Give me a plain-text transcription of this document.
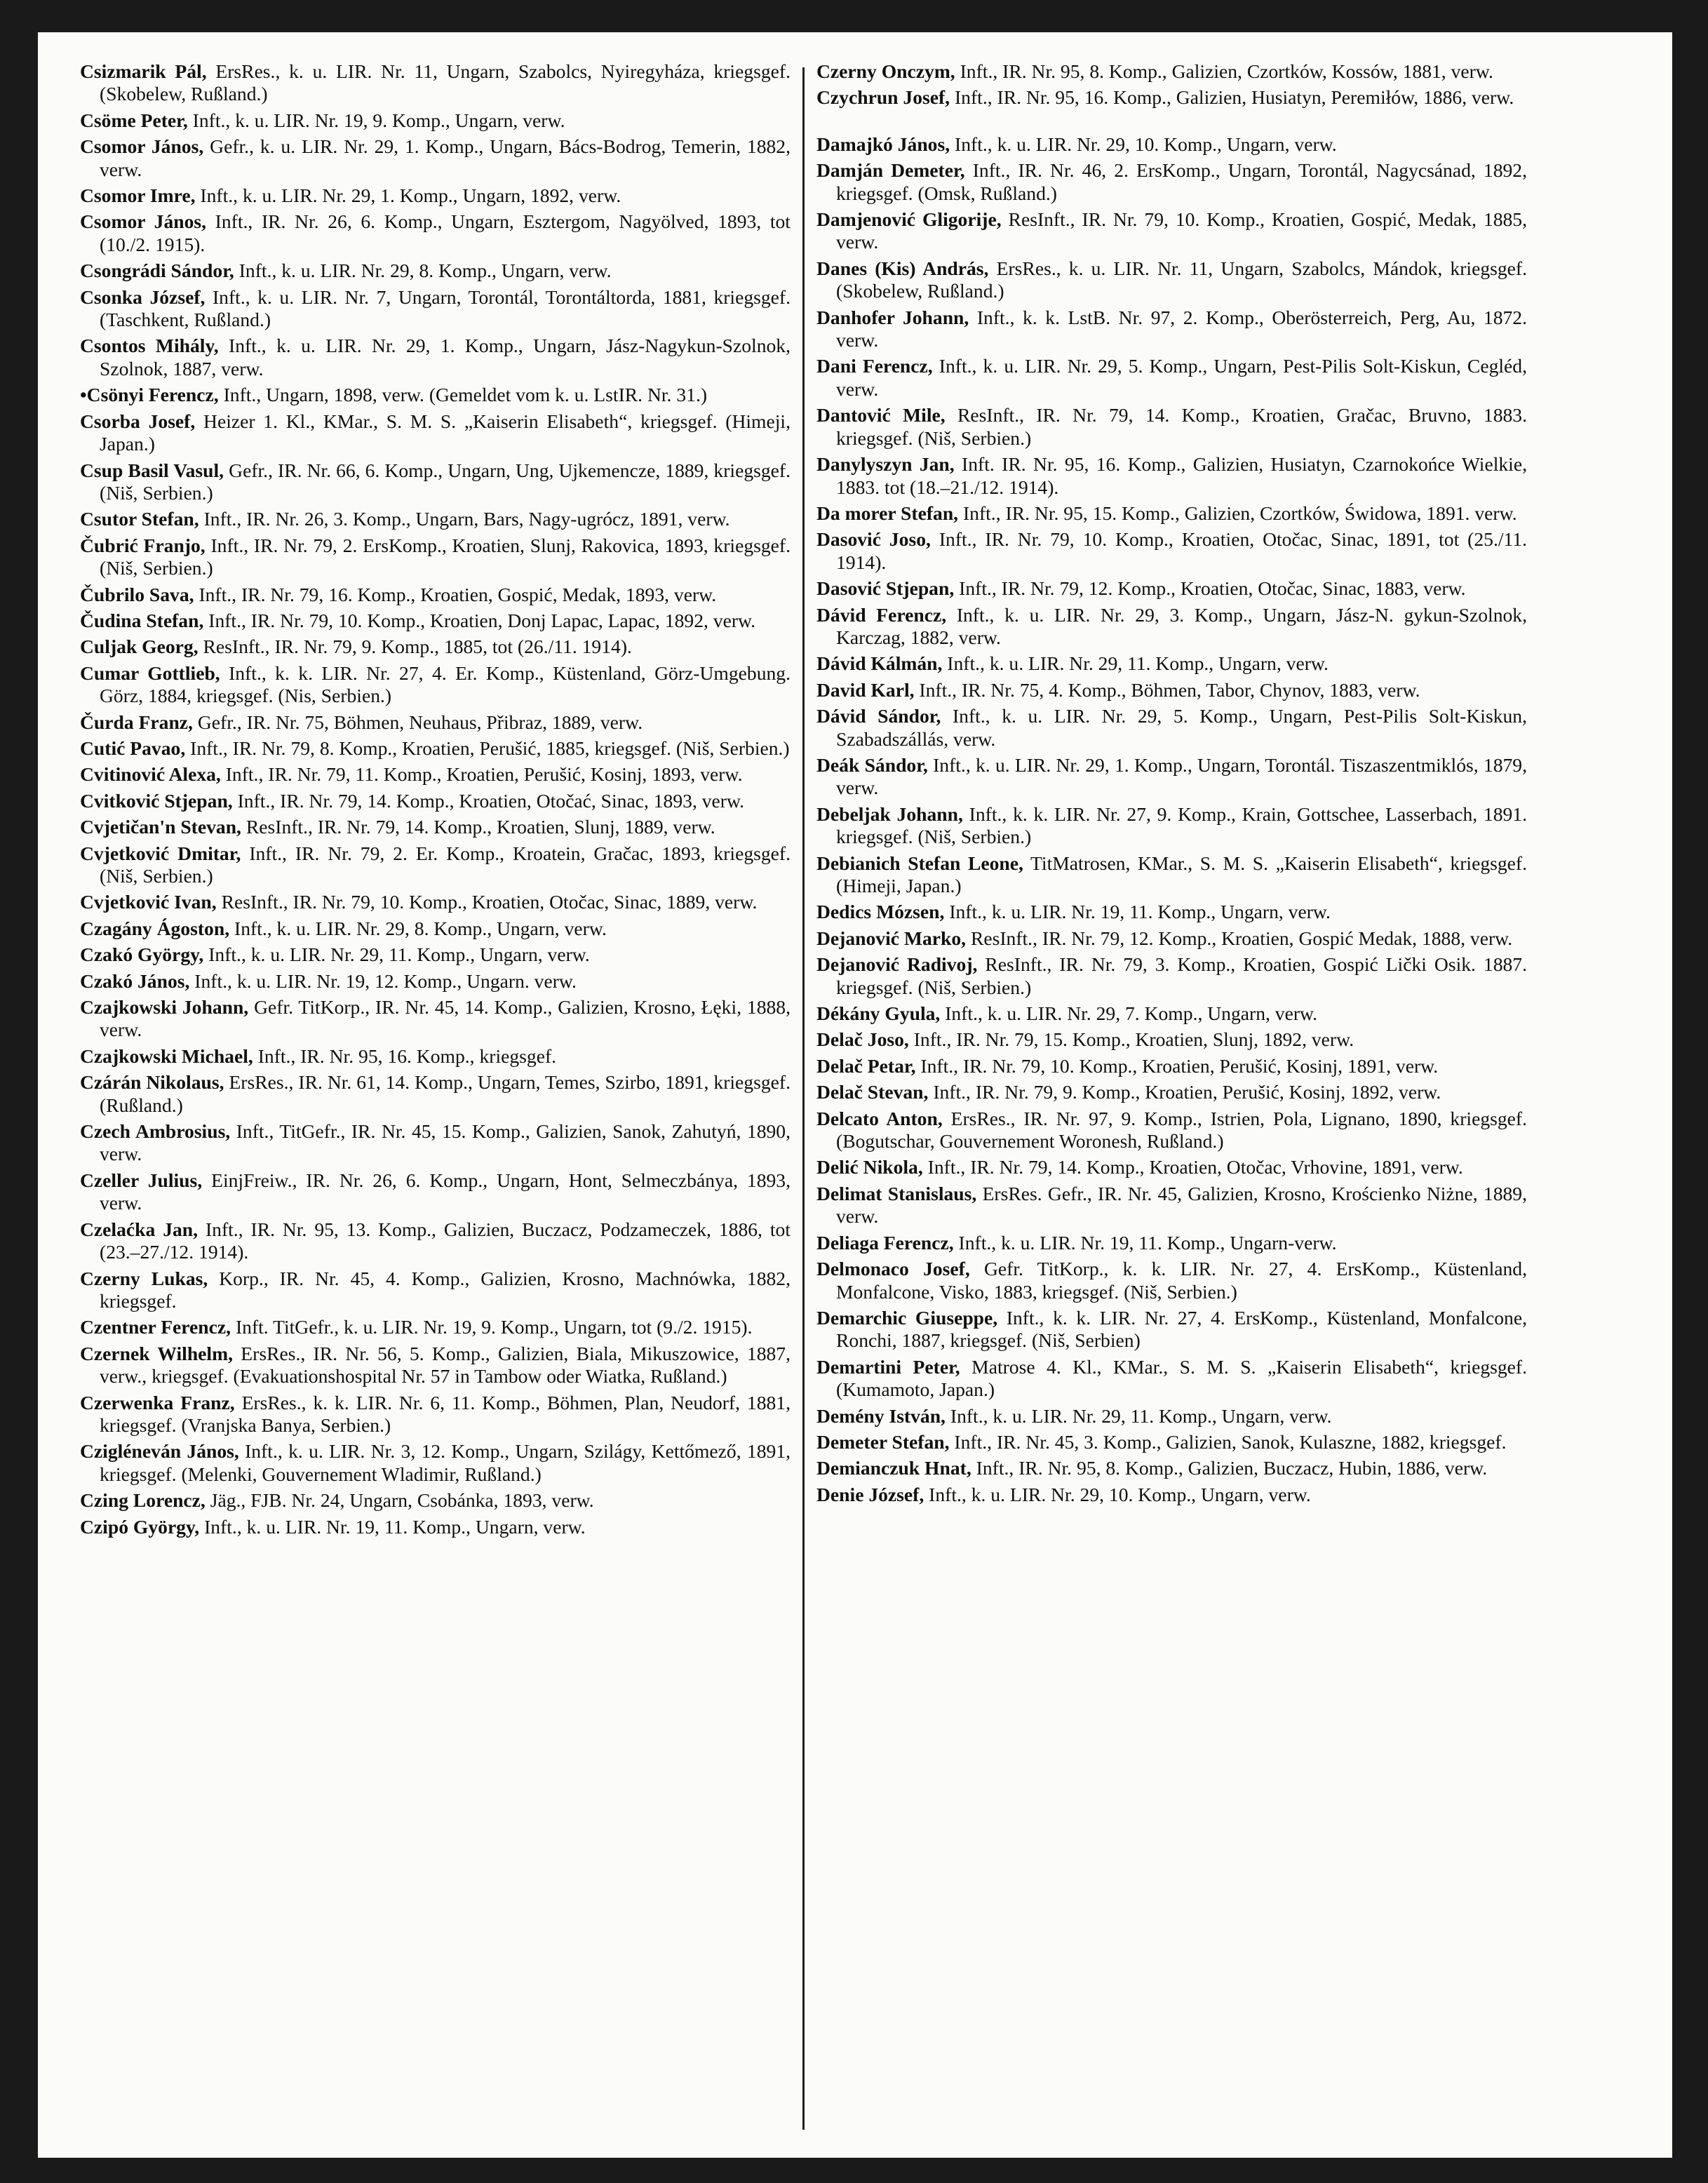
Csizmarik Pál, ErsRes., k. u. LIR. Nr. 11, Ungarn, Szabolcs, Nyiregyháza, kriegsgef. (Skobelew, Rußland.)

Csöme Peter, Inft., k. u. LIR. Nr. 19, 9. Komp., Ungarn, verw.

Csomor János, Gefr., k. u. LIR. Nr. 29, 1. Komp., Ungarn, Bács-Bodrog, Temerin, 1882, verw.

Csomor Imre, Inft., k. u. LIR. Nr. 29, 1. Komp., Ungarn, 1892, verw.

Csomor János, Inft., IR. Nr. 26, 6. Komp., Ungarn, Esztergom, Nagyölved, 1893, tot (10./2. 1915).

Csongrádi Sándor, Inft., k. u. LIR. Nr. 29, 8. Komp., Ungarn, verw.

Csonka József, Inft., k. u. LIR. Nr. 7, Ungarn, Torontál, Torontáltorda, 1881, kriegsgef. (Taschkent, Rußland.)

Csontos Mihály, Inft., k. u. LIR. Nr. 29, 1. Komp., Ungarn, Jász-Nagykun-Szolnok, Szolnok, 1887, verw.

•Csönyi Ferencz, Inft., Ungarn, 1898, verw. (Gemeldet vom k. u. LstIR. Nr. 31.)

Csorba Josef, Heizer 1. Kl., KMar., S. M. S. „Kaiserin Elisabeth“, kriegsgef. (Himeji, Japan.)

Csup Basil Vasul, Gefr., IR. Nr. 66, 6. Komp., Ungarn, Ung, Ujkemencze, 1889, kriegsgef. (Niš, Serbien.)

Csutor Stefan, Inft., IR. Nr. 26, 3. Komp., Ungarn, Bars, Nagy-ugrócz, 1891, verw.

Čubrić Franjo, Inft., IR. Nr. 79, 2. ErsKomp., Kroatien, Slunj, Rakovica, 1893, kriegsgef. (Niš, Serbien.)

Čubrilo Sava, Inft., IR. Nr. 79, 16. Komp., Kroatien, Gospić, Medak, 1893, verw.

Čudina Stefan, Inft., IR. Nr. 79, 10. Komp., Kroatien, Donj Lapac, Lapac, 1892, verw.

Culjak Georg, ResInft., IR. Nr. 79, 9. Komp., 1885, tot (26./11. 1914).

Cumar Gottlieb, Inft., k. k. LIR. Nr. 27, 4. Er. Komp., Küstenland, Görz-Umgebung. Görz, 1884, kriegsgef. (Nis, Serbien.)

Čurda Franz, Gefr., IR. Nr. 75, Böhmen, Neuhaus, Přibraz, 1889, verw.

Cutić Pavao, Inft., IR. Nr. 79, 8. Komp., Kroatien, Perušić, 1885, kriegsgef. (Niš, Serbien.)

Cvitinović Alexa, Inft., IR. Nr. 79, 11. Komp., Kroatien, Perušić, Kosinj, 1893, verw.

Cvitković Stjepan, Inft., IR. Nr. 79, 14. Komp., Kroatien, Otočać, Sinac, 1893, verw.

Cvjetičan'n Stevan, ResInft., IR. Nr. 79, 14. Komp., Kroatien, Slunj, 1889, verw.

Cvjetković Dmitar, Inft., IR. Nr. 79, 2. Er. Komp., Kroatein, Gračac, 1893, kriegsgef. (Niš, Serbien.)

Cvjetković Ivan, ResInft., IR. Nr. 79, 10. Komp., Kroatien, Otočac, Sinac, 1889, verw.

Czagány Ágoston, Inft., k. u. LIR. Nr. 29, 8. Komp., Ungarn, verw.

Czakó György, Inft., k. u. LIR. Nr. 29, 11. Komp., Ungarn, verw.

Czakó János, Inft., k. u. LIR. Nr. 19, 12. Komp., Ungarn. verw.

Czajkowski Johann, Gefr. TitKorp., IR. Nr. 45, 14. Komp., Galizien, Krosno, Łęki, 1888, verw.

Czajkowski Michael, Inft., IR. Nr. 95, 16. Komp., kriegsgef.

Czárán Nikolaus, ErsRes., IR. Nr. 61, 14. Komp., Ungarn, Temes, Szirbo, 1891, kriegsgef. (Rußland.)

Czech Ambrosius, Inft., TitGefr., IR. Nr. 45, 15. Komp., Galizien, Sanok, Zahutyń, 1890, verw.

Czeller Julius, EinjFreiw., IR. Nr. 26, 6. Komp., Ungarn, Hont, Selmeczbánya, 1893, verw.

Czelaćka Jan, Inft., IR. Nr. 95, 13. Komp., Galizien, Buczacz, Podzameczek, 1886, tot (23.–27./12. 1914).

Czerny Lukas, Korp., IR. Nr. 45, 4. Komp., Galizien, Krosno, Machnówka, 1882, kriegsgef.

Czentner Ferencz, Inft. TitGefr., k. u. LIR. Nr. 19, 9. Komp., Ungarn, tot (9./2. 1915).

Czernek Wilhelm, ErsRes., IR. Nr. 56, 5. Komp., Galizien, Biala, Mikuszowice, 1887, verw., kriegsgef. (Evakuationshospital Nr. 57 in Tambow oder Wiatka, Rußland.)

Czerwenka Franz, ErsRes., k. k. LIR. Nr. 6, 11. Komp., Böhmen, Plan, Neudorf, 1881, kriegsgef. (Vranjska Banya, Serbien.)

Czigléneván János, Inft., k. u. LIR. Nr. 3, 12. Komp., Ungarn, Szilágy, Kettőmező, 1891, kriegsgef. (Melenki, Gouvernement Wladimir, Rußland.)

Czing Lorencz, Jäg., FJB. Nr. 24, Ungarn, Csobánka, 1893, verw.

Czipó György, Inft., k. u. LIR. Nr. 19, 11. Komp., Ungarn, verw.

Czerny Onczym, Inft., IR. Nr. 95, 8. Komp., Galizien, Czortków, Kossów, 1881, verw.

Czychrun Josef, Inft., IR. Nr. 95, 16. Komp., Galizien, Husiatyn, Peremiłów, 1886, verw.

Damajkó János, Inft., k. u. LIR. Nr. 29, 10. Komp., Ungarn, verw.

Damján Demeter, Inft., IR. Nr. 46, 2. ErsKomp., Ungarn, Torontál, Nagycsánad, 1892, kriegsgef. (Omsk, Rußland.)

Damjenović Gligorije, ResInft., IR. Nr. 79, 10. Komp., Kroatien, Gospić, Medak, 1885, verw.

Danes (Kis) András, ErsRes., k. u. LIR. Nr. 11, Ungarn, Szabolcs, Mándok, kriegsgef. (Skobelew, Rußland.)

Danhofer Johann, Inft., k. k. LstB. Nr. 97, 2. Komp., Oberösterreich, Perg, Au, 1872. verw.

Dani Ferencz, Inft., k. u. LIR. Nr. 29, 5. Komp., Ungarn, Pest-Pilis Solt-Kiskun, Cegléd, verw.

Dantović Mile, ResInft., IR. Nr. 79, 14. Komp., Kroatien, Gračac, Bruvno, 1883. kriegsgef. (Niš, Serbien.)

Danylyszyn Jan, Inft. IR. Nr. 95, 16. Komp., Galizien, Husiatyn, Czarnokońce Wielkie, 1883. tot (18.–21./12. 1914).

Da morer Stefan, Inft., IR. Nr. 95, 15. Komp., Galizien, Czortków, Świdowa, 1891. verw.

Dasović Joso, Inft., IR. Nr. 79, 10. Komp., Kroatien, Otočac, Sinac, 1891, tot (25./11. 1914).

Dasović Stjepan, Inft., IR. Nr. 79, 12. Komp., Kroatien, Otočac, Sinac, 1883, verw.

Dávid Ferencz, Inft., k. u. LIR. Nr. 29, 3. Komp., Ungarn, Jász-N. gykun-Szolnok, Karczag, 1882, verw.

Dávid Kálmán, Inft., k. u. LIR. Nr. 29, 11. Komp., Ungarn, verw.

David Karl, Inft., IR. Nr. 75, 4. Komp., Böhmen, Tabor, Chynov, 1883, verw.

Dávid Sándor, Inft., k. u. LIR. Nr. 29, 5. Komp., Ungarn, Pest-Pilis Solt-Kiskun, Szabadszállás, verw.

Deák Sándor, Inft., k. u. LIR. Nr. 29, 1. Komp., Ungarn, Torontál. Tiszaszentmiklós, 1879, verw.

Debeljak Johann, Inft., k. k. LIR. Nr. 27, 9. Komp., Krain, Gottschee, Lasserbach, 1891. kriegsgef. (Niš, Serbien.)

Debianich Stefan Leone, TitMatrosen, KMar., S. M. S. „Kaiserin Elisabeth“, kriegsgef. (Himeji, Japan.)

Dedics Mózsen, Inft., k. u. LIR. Nr. 19, 11. Komp., Ungarn, verw.

Dejanović Marko, ResInft., IR. Nr. 79, 12. Komp., Kroatien, Gospić Medak, 1888, verw.

Dejanović Radivoj, ResInft., IR. Nr. 79, 3. Komp., Kroatien, Gospić Lički Osik. 1887. kriegsgef. (Niš, Serbien.)

Dékány Gyula, Inft., k. u. LIR. Nr. 29, 7. Komp., Ungarn, verw.

Delač Joso, Inft., IR. Nr. 79, 15. Komp., Kroatien, Slunj, 1892, verw.

Delač Petar, Inft., IR. Nr. 79, 10. Komp., Kroatien, Perušić, Kosinj, 1891, verw.

Delač Stevan, Inft., IR. Nr. 79, 9. Komp., Kroatien, Perušić, Kosinj, 1892, verw.

Delcato Anton, ErsRes., IR. Nr. 97, 9. Komp., Istrien, Pola, Lignano, 1890, kriegsgef. (Bogutschar, Gouvernement Woronesh, Rußland.)

Delić Nikola, Inft., IR. Nr. 79, 14. Komp., Kroatien, Otočac, Vrhovine, 1891, verw.

Delimat Stanislaus, ErsRes. Gefr., IR. Nr. 45, Galizien, Krosno, Krościenko Niżne, 1889, verw.

Deliaga Ferencz, Inft., k. u. LIR. Nr. 19, 11. Komp., Ungarn-verw.

Delmonaco Josef, Gefr. TitKorp., k. k. LIR. Nr. 27, 4. ErsKomp., Küstenland, Monfalcone, Visko, 1883, kriegsgef. (Niš, Serbien.)

Demarchic Giuseppe, Inft., k. k. LIR. Nr. 27, 4. ErsKomp., Küstenland, Monfalcone, Ronchi, 1887, kriegsgef. (Niš, Serbien)

Demartini Peter, Matrose 4. Kl., KMar., S. M. S. „Kaiserin Elisabeth“, kriegsgef. (Kumamoto, Japan.)

Demény István, Inft., k. u. LIR. Nr. 29, 11. Komp., Ungarn, verw.

Demeter Stefan, Inft., IR. Nr. 45, 3. Komp., Galizien, Sanok, Kulaszne, 1882, kriegsgef.

Demianczuk Hnat, Inft., IR. Nr. 95, 8. Komp., Galizien, Buczacz, Hubin, 1886, verw.

Denie József, Inft., k. u. LIR. Nr. 29, 10. Komp., Ungarn, verw.
